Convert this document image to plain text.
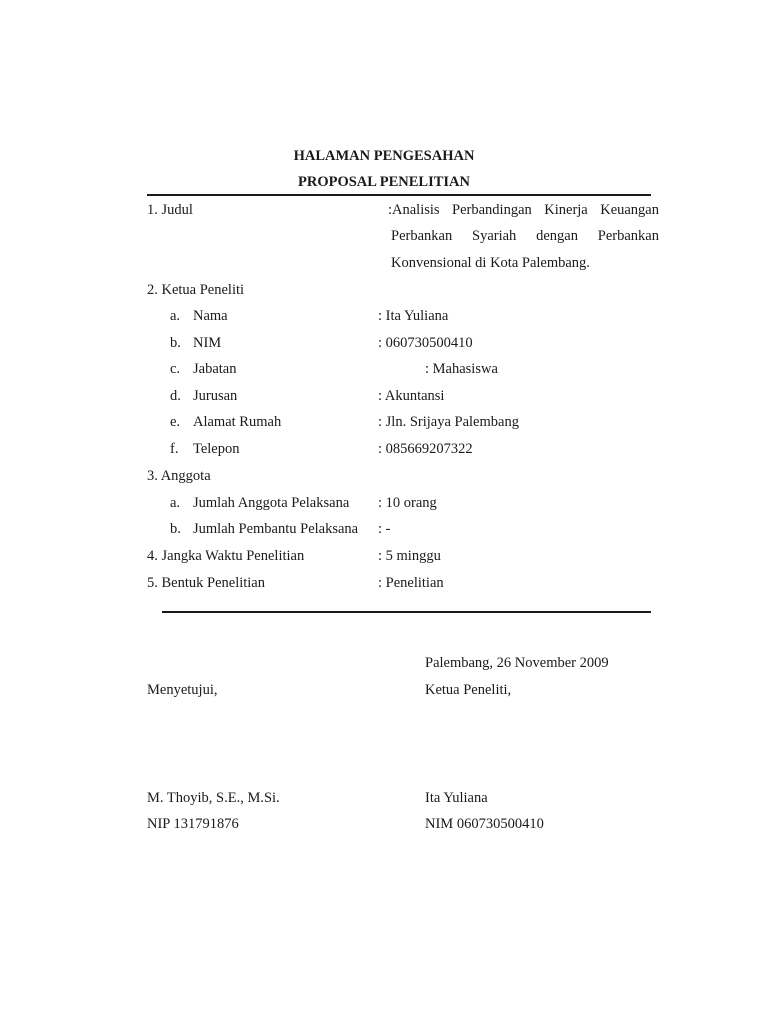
HALAMAN PENGESAHAN
PROPOSAL PENELITIAN
1. Judul	:Analisis Perbandingan Kinerja Keuangan
Perbankan Syariah dengan Perbankan
Konvensional di Kota Palembang.
2. Ketua Peneliti
a. Nama	: Ita Yuliana
b. NIM	: 060730500410
c. Jabatan	: Mahasiswa
d. Jurusan	: Akuntansi
e. Alamat Rumah	: Jln. Srijaya Palembang
f. Telepon	: 085669207322
3. Anggota
a. Jumlah Anggota Pelaksana : 10 orang
b. Jumlah Pembantu Pelaksana : -
4. Jangka Waktu Penelitian	: 5 minggu
5. Bentuk Penelitian	: Penelitian
Palembang, 26 November 2009
Menyetujui,	Ketua Peneliti,
M. Thoyib, S.E., M.Si.	Ita Yuliana
NIP 131791876	NIM 060730500410
